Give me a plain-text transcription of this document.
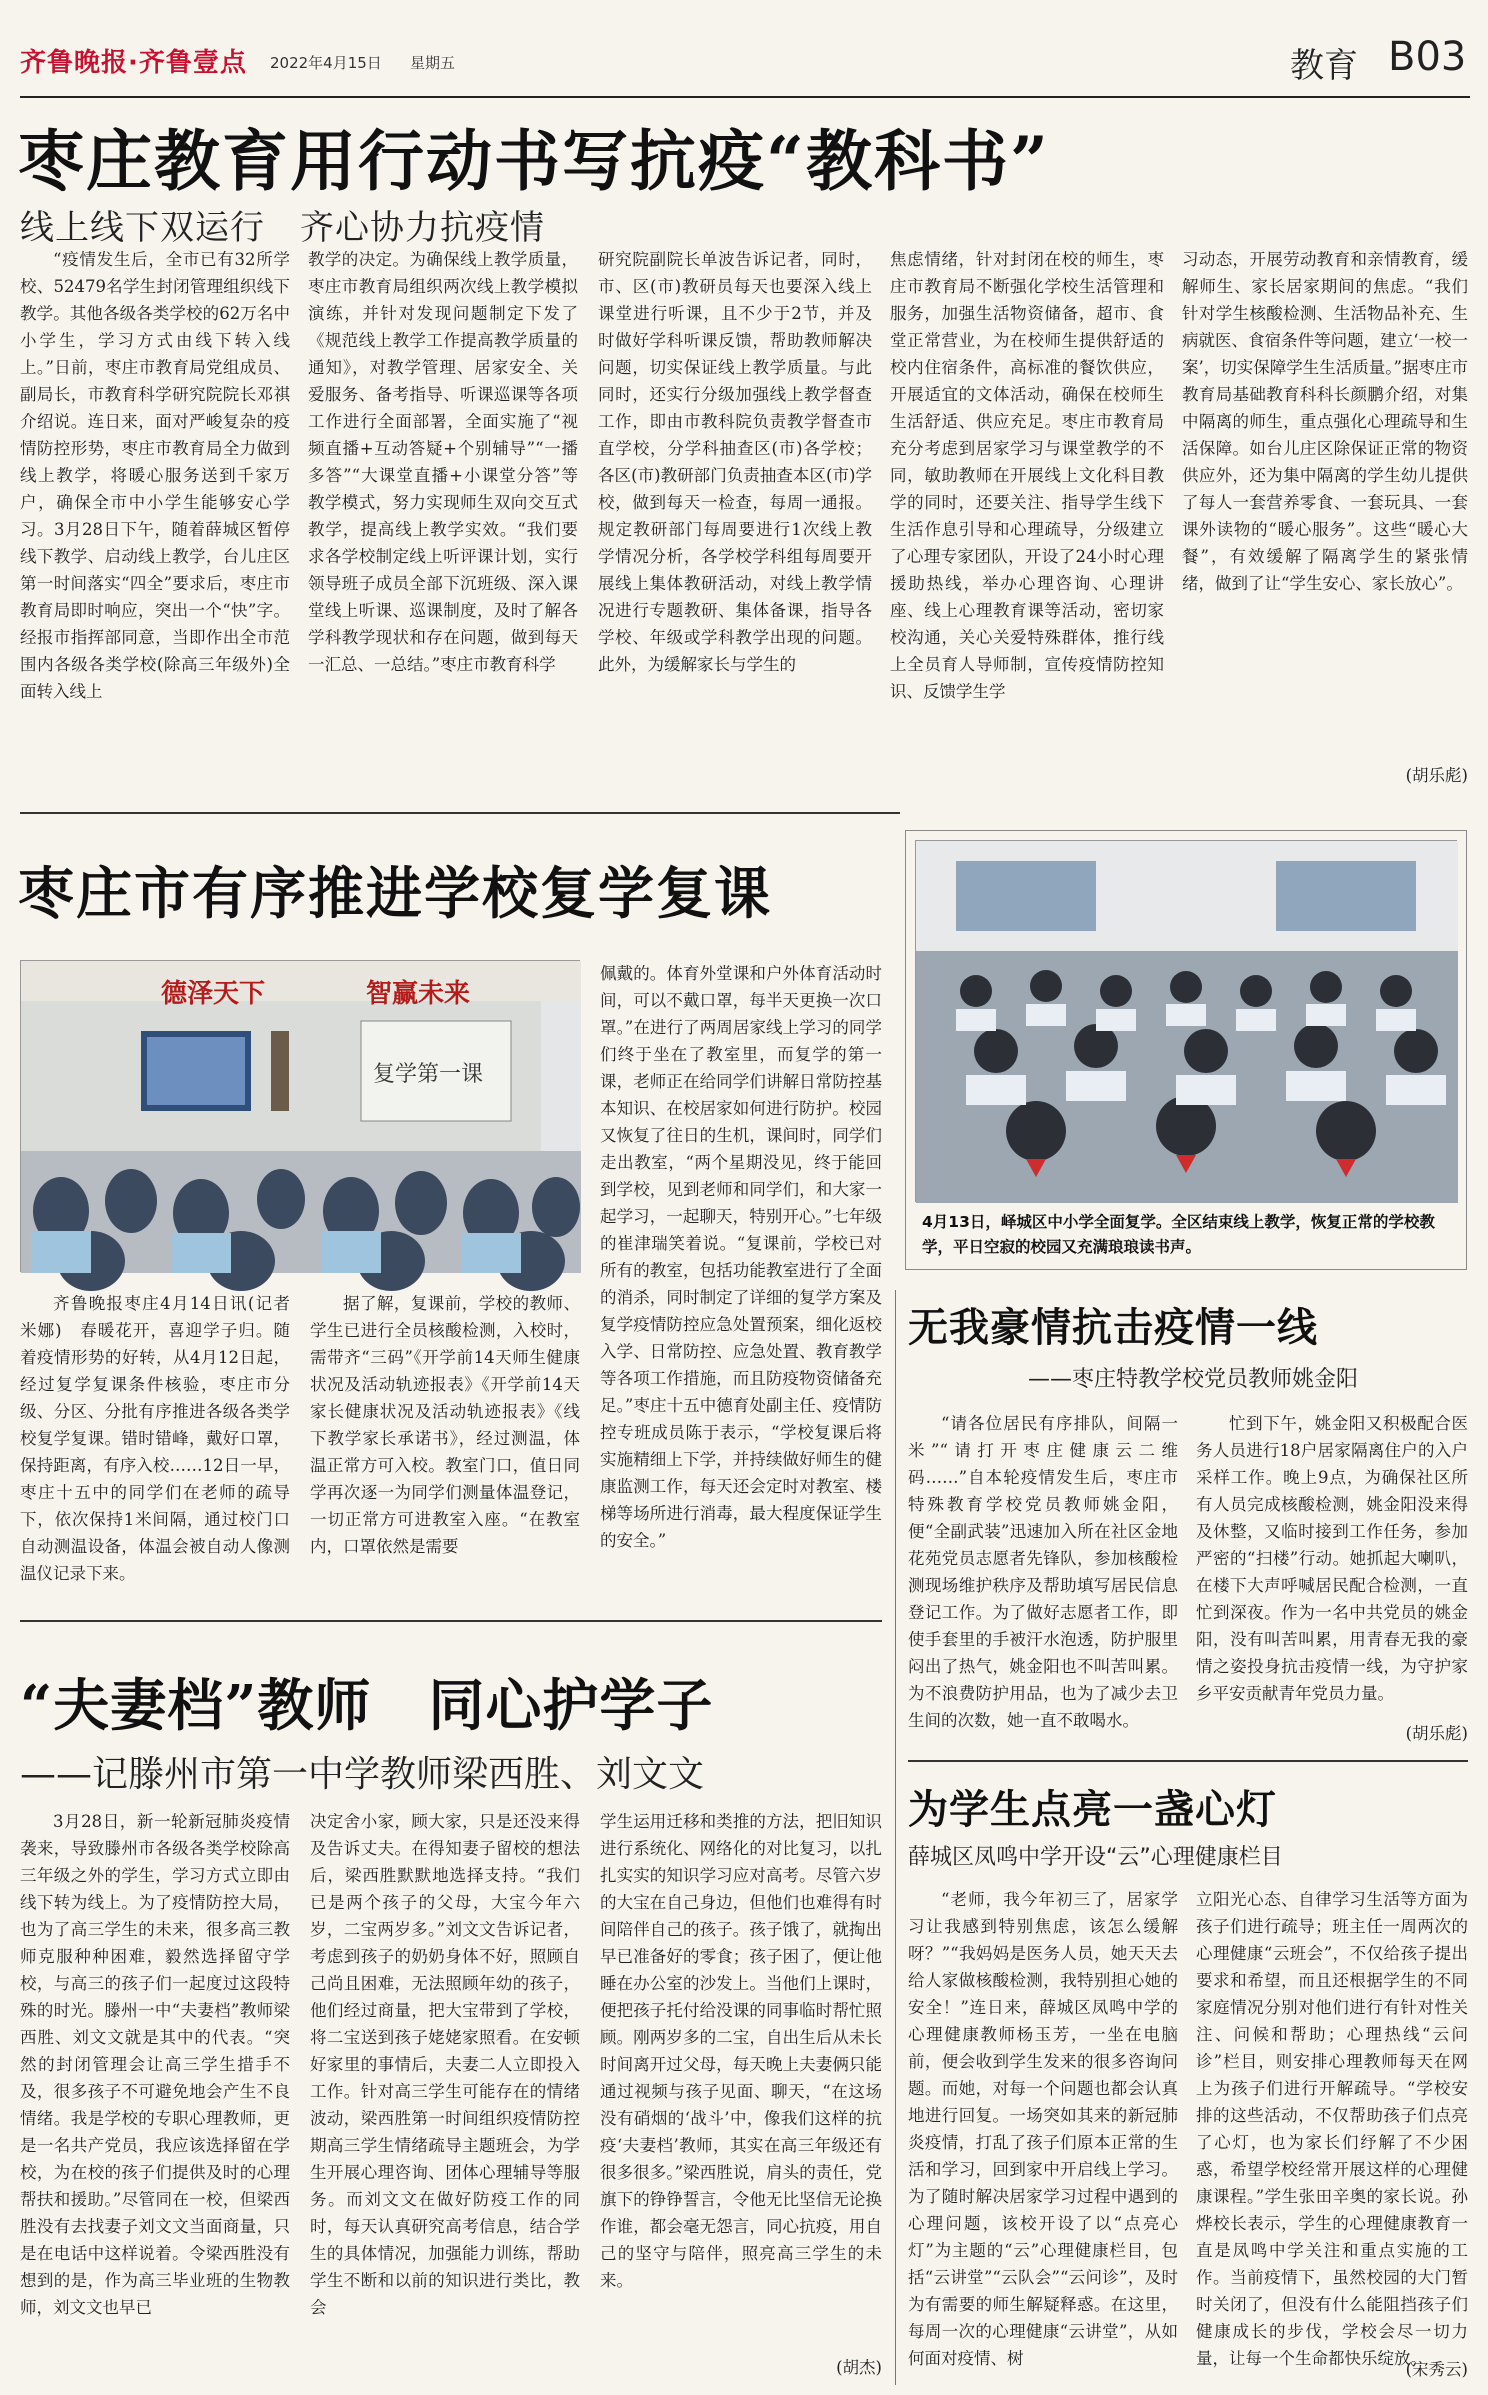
齐鲁晚报·齐鲁壹点 2022年4月15日 星期五	教育 B03
枣庄教育用行动书写抗疫“教科书”
线上线下双运行　齐心协力抗疫情

“疫情发生后，全市已有32所学校、52479名学生封闭管理组织线下教学。其他各级各类学校的62万名中小学生，学习方式由线下转入线上。”日前，枣庄市教育局党组成员、副局长，市教育科学研究院院长邓祺介绍说。连日来，面对严峻复杂的疫情防控形势，枣庄市教育局全力做到线上教学，将暖心服务送到千家万户，确保全市中小学生能够安心学习。3月28日下午，随着薛城区暂停线下教学、启动线上教学，台儿庄区第一时间落实“四全”要求后，枣庄市教育局即时响应，突出一个“快”字。经报市指挥部同意，当即作出全市范围内各级各类学校(除高三年级外)全面转入线上

教学的决定。为确保线上教学质量，枣庄市教育局组织两次线上教学模拟演练，并针对发现问题制定下发了《规范线上教学工作提高教学质量的通知》，对教学管理、居家安全、关爱服务、备考指导、听课巡课等各项工作进行全面部署，全面实施了“视频直播+互动答疑+个别辅导”“一播多答”“大课堂直播+小课堂分答”等教学模式，努力实现师生双向交互式教学，提高线上教学实效。“我们要求各学校制定线上听评课计划，实行领导班子成员全部下沉班级、深入课堂线上听课、巡课制度，及时了解各学科教学现状和存在问题，做到每天一汇总、一总结。”枣庄市教育科学

研究院副院长单波告诉记者，同时，市、区(市)教研员每天也要深入线上课堂进行听课，且不少于2节，并及时做好学科听课反馈，帮助教师解决问题，切实保证线上教学质量。与此同时，还实行分级加强线上教学督查工作，即由市教科院负责教学督查市直学校，分学科抽查区(市)各学校；各区(市)教研部门负责抽查本区(市)学校，做到每天一检查，每周一通报。规定教研部门每周要进行1次线上教学情况分析，各学校学科组每周要开展线上集体教研活动，对线上教学情况进行专题教研、集体备课，指导各学校、年级或学科教学出现的问题。此外，为缓解家长与学生的

焦虑情绪，针对封闭在校的师生，枣庄市教育局不断强化学校生活管理和服务，加强生活物资储备，超市、食堂正常营业，为在校师生提供舒适的校内住宿条件，高标准的餐饮供应，开展适宜的文体活动，确保在校师生生活舒适、供应充足。枣庄市教育局充分考虑到居家学习与课堂教学的不同，敏助教师在开展线上文化科目教学的同时，还要关注、指导学生线下生活作息引导和心理疏导，分级建立了心理专家团队，开设了24小时心理援助热线，举办心理咨询、心理讲座、线上心理教育课等活动，密切家校沟通，关心关爱特殊群体，推行线上全员育人导师制，宣传疫情防控知识、反馈学生学

习动态，开展劳动教育和亲情教育，缓解师生、家长居家期间的焦虑。“我们针对学生核酸检测、生活物品补充、生病就医、食宿条件等问题，建立‘一校一案’，切实保障学生生活质量。”据枣庄市教育局基础教育科科长颜鹏介绍，对集中隔离的师生，重点强化心理疏导和生活保障。如台儿庄区除保证正常的物资供应外，还为集中隔离的学生幼儿提供了每人一套营养零食、一套玩具、一套课外读物的“暖心服务”。这些“暖心大餐”，有效缓解了隔离学生的紧张情绪，做到了让“学生安心、家长放心”。

(胡乐彪)
枣庄市有序推进学校复学复课
德泽天下	智赢未来
复学第一课

齐鲁晚报枣庄4月14日讯(记者　米娜)　春暖花开，喜迎学子归。随着疫情形势的好转，从4月12日起，经过复学复课条件核验，枣庄市分级、分区、分批有序推进各级各类学校复学复课。错时错峰，戴好口罩，保持距离，有序入校……12日一早，枣庄十五中的同学们在老师的疏导下，依次保持1米间隔，通过校门口自动测温设备，体温会被自动人像测温仪记录下来。

据了解，复课前，学校的教师、学生已进行全员核酸检测，入校时，需带齐“三码”《开学前14天师生健康状况及活动轨迹报表》《开学前14天家长健康状况及活动轨迹报表》《线下教学家长承诺书》，经过测温，体温正常方可入校。教室门口，值日同学再次逐一为同学们测量体温登记，一切正常方可进教室入座。“在教室内，口罩依然是需要

佩戴的。体育外堂课和户外体育活动时间，可以不戴口罩，每半天更换一次口罩。”在进行了两周居家线上学习的同学们终于坐在了教室里，而复学的第一课，老师正在给同学们讲解日常防控基本知识、在校居家如何进行防护。校园又恢复了往日的生机，课间时，同学们走出教室，“两个星期没见，终于能回到学校，见到老师和同学们，和大家一起学习，一起聊天，特别开心。”七年级的崔津瑞笑着说。“复课前，学校已对所有的教室，包括功能教室进行了全面的消杀，同时制定了详细的复学方案及复学疫情防控应急处置预案，细化返校入学、日常防控、应急处置、教育教学等各项工作措施，而且防疫物资储备充足。”枣庄十五中德育处副主任、疫情防控专班成员陈于表示，“学校复课后将实施精细上下学，并持续做好师生的健康监测工作，每天还会定时对教室、楼梯等场所进行消毒，最大程度保证学生的安全。”

4月13日，峄城区中小学全面复学。全区结束线上教学，恢复正常的学校教学，平日空寂的校园又充满琅琅读书声。
无我豪情抗击疫情一线
——枣庄特教学校党员教师姚金阳

“请各位居民有序排队，间隔一米”“请打开枣庄健康云二维码……”自本轮疫情发生后，枣庄市特殊教育学校党员教师姚金阳，便“全副武装”迅速加入所在社区金地花苑党员志愿者先锋队，参加核酸检测现场维护秩序及帮助填写居民信息登记工作。为了做好志愿者工作，即使手套里的手被汗水泡透，防护服里闷出了热气，姚金阳也不叫苦叫累。为不浪费防护用品，也为了减少去卫生间的次数，她一直不敢喝水。

忙到下午，姚金阳又积极配合医务人员进行18户居家隔离住户的入户采样工作。晚上9点，为确保社区所有人员完成核酸检测，姚金阳没来得及休整，又临时接到工作任务，参加严密的“扫楼”行动。她抓起大喇叭，在楼下大声呼喊居民配合检测，一直忙到深夜。作为一名中共党员的姚金阳，没有叫苦叫累，用青春无我的豪情之姿投身抗击疫情一线，为守护家乡平安贡献青年党员力量。

(胡乐彪)
“夫妻档”教师　同心护学子
——记滕州市第一中学教师梁西胜、刘文文

3月28日，新一轮新冠肺炎疫情袭来，导致滕州市各级各类学校除高三年级之外的学生，学习方式立即由线下转为线上。为了疫情防控大局，也为了高三学生的未来，很多高三教师克服种种困难，毅然选择留守学校，与高三的孩子们一起度过这段特殊的时光。滕州一中“夫妻档”教师梁西胜、刘文文就是其中的代表。“突然的封闭管理会让高三学生措手不及，很多孩子不可避免地会产生不良情绪。我是学校的专职心理教师，更是一名共产党员，我应该选择留在学校，为在校的孩子们提供及时的心理帮扶和援助。”尽管同在一校，但梁西胜没有去找妻子刘文文当面商量，只是在电话中这样说着。令梁西胜没有想到的是，作为高三毕业班的生物教师，刘文文也早已

决定舍小家，顾大家，只是还没来得及告诉丈夫。在得知妻子留校的想法后，梁西胜默默地选择支持。“我们已是两个孩子的父母，大宝今年六岁，二宝两岁多。”刘文文告诉记者，考虑到孩子的奶奶身体不好，照顾自己尚且困难，无法照顾年幼的孩子，他们经过商量，把大宝带到了学校，将二宝送到孩子姥姥家照看。在安顿好家里的事情后，夫妻二人立即投入工作。针对高三学生可能存在的情绪波动，梁西胜第一时间组织疫情防控期高三学生情绪疏导主题班会，为学生开展心理咨询、团体心理辅导等服务。而刘文文在做好防疫工作的同时，每天认真研究高考信息，结合学生的具体情况，加强能力训练，帮助学生不断和以前的知识进行类比，教会

学生运用迁移和类推的方法，把旧知识进行系统化、网络化的对比复习，以扎扎实实的知识学习应对高考。尽管六岁的大宝在自己身边，但他们也难得有时间陪伴自己的孩子。孩子饿了，就掏出早已准备好的零食；孩子困了，便让他睡在办公室的沙发上。当他们上课时，便把孩子托付给没课的同事临时帮忙照顾。刚两岁多的二宝，自出生后从未长时间离开过父母，每天晚上夫妻俩只能通过视频与孩子见面、聊天，“在这场没有硝烟的‘战斗’中，像我们这样的抗疫‘夫妻档’教师，其实在高三年级还有很多很多。”梁西胜说，肩头的责任，党旗下的铮铮誓言，令他无比坚信无论换作谁，都会毫无怨言，同心抗疫，用自己的坚守与陪伴，照亮高三学生的未来。

(胡杰)
为学生点亮一盏心灯
薛城区凤鸣中学开设“云”心理健康栏目

“老师，我今年初三了，居家学习让我感到特别焦虑，该怎么缓解呀？”“我妈妈是医务人员，她天天去给人家做核酸检测，我特别担心她的安全！”连日来，薛城区凤鸣中学的心理健康教师杨玉芳，一坐在电脑前，便会收到学生发来的很多咨询问题。而她，对每一个问题也都会认真地进行回复。一场突如其来的新冠肺炎疫情，打乱了孩子们原本正常的生活和学习，回到家中开启线上学习。为了随时解决居家学习过程中遇到的心理问题，该校开设了以“点亮心灯”为主题的“云”心理健康栏目，包括“云讲堂”“云队会”“云问诊”，及时为有需要的师生解疑释惑。在这里，每周一次的心理健康“云讲堂”，从如何面对疫情、树

立阳光心态、自律学习生活等方面为孩子们进行疏导；班主任一周两次的心理健康“云班会”，不仅给孩子提出要求和希望，而且还根据学生的不同家庭情况分别对他们进行有针对性关注、问候和帮助；心理热线“云问诊”栏目，则安排心理教师每天在网上为孩子们进行开解疏导。“学校安排的这些活动，不仅帮助孩子们点亮了心灯，也为家长们纾解了不少困惑，希望学校经常开展这样的心理健康课程。”学生张田辛奥的家长说。孙烨校长表示，学生的心理健康教育一直是凤鸣中学关注和重点实施的工作。当前疫情下，虽然校园的大门暂时关闭了，但没有什么能阻挡孩子们健康成长的步伐，学校会尽一切力量，让每一个生命都快乐绽放。

(宋秀云)
